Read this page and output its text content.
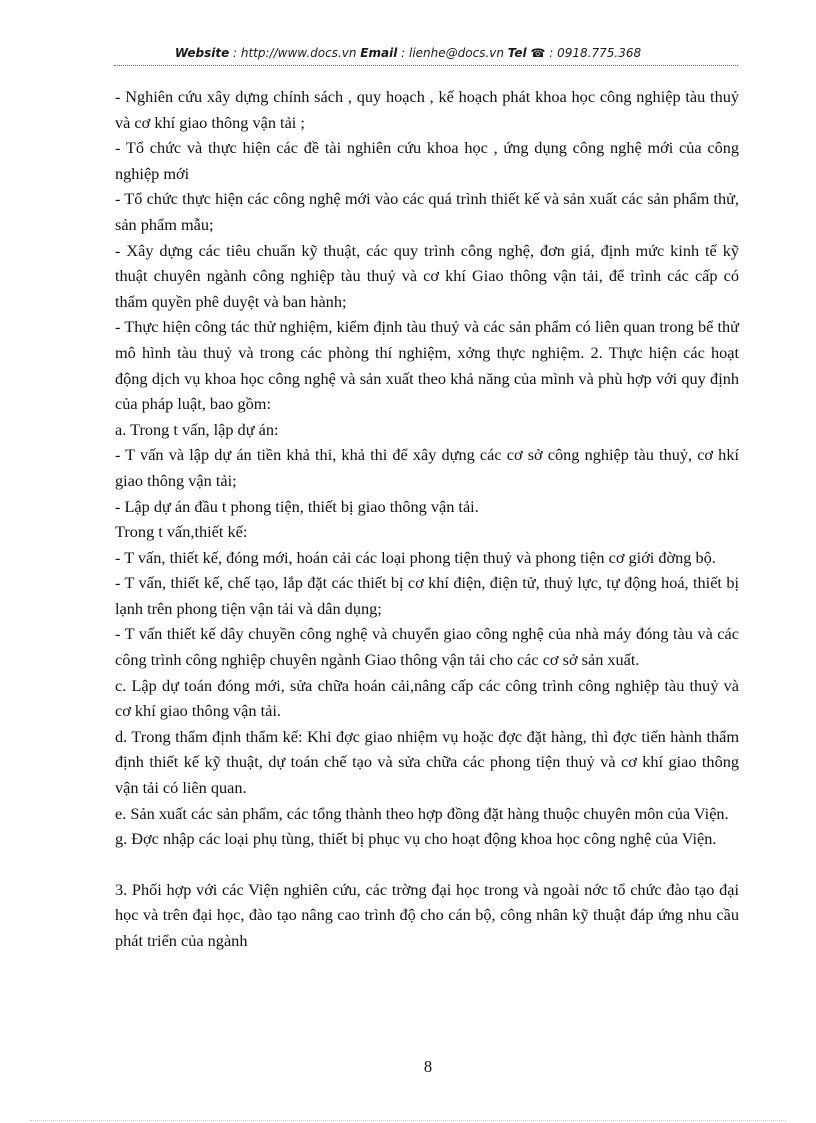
Website : http://www.docs.vn Email : lienhe@docs.vn Tel ☎ : 0918.775.368

- Nghiên cứu xây dựng chính sách , quy hoạch , kế hoạch phát khoa học công nghiệp tàu thuỷ và cơ khí giao thông vận tải ;

- Tổ chức và thực hiện các đề tài nghiên cứu khoa học , ứng dụng công nghệ mới của công nghiệp mới

- Tổ chức thực hiện các công nghệ mới vào các quá trình thiết kế và sản xuất các sản phẩm thử, sản phẩm mẫu;

- Xây dựng các tiêu chuẩn kỹ thuật, các quy trình công nghệ, đơn giá, định mức kinh tế kỹ thuật chuyên ngành công nghiệp tàu thuỷ và cơ khí Giao thông vận tải, để trình các cấp có thẩm quyền phê duyệt và ban hành;

- Thực hiện công tác thử nghiệm, kiểm định tàu thuỷ và các sản phẩm có liên quan trong bể thử mô hình tàu thuỷ và trong các phòng thí nghiệm, xởng thực nghiệm. 2. Thực hiện các hoạt động dịch vụ khoa học công nghệ và sản xuất theo khả năng của mình và phù hợp với quy định của pháp luật, bao gồm:

a. Trong t vấn, lập dự án:

- T vấn và lập dự án tiền khả thi, khả thi để xây dựng các cơ sở công nghiệp tàu thuỷ, cơ hkí giao thông vận tải;

- Lập dự án đầu t phong tiện, thiết bị giao thông vận tải.

Trong t vấn,thiết kế:

- T vấn, thiết kế, đóng mới, hoán cải các loại phong tiện thuỷ và phong tiện cơ giới đờng bộ.

- T vấn, thiết kế, chế tạo, lắp đặt các thiết bị cơ khí điện, điện tử, thuỷ lực, tự động hoá, thiết bị lạnh trên phong tiện vận tải và dân dụng;

- T vấn thiết kế dây chuyền công nghệ và chuyển giao công nghệ của nhà máy đóng tàu và các công trình công nghiệp chuyên ngành Giao thông vận tải cho các cơ sở sản xuất.

c. Lập dự toán đóng mới, sửa chữa hoán cải,nâng cấp các công trình công nghiệp tàu thuỷ và cơ khí giao thông vận tải.

d. Trong thẩm định thẩm kế: Khi đợc giao nhiệm vụ hoặc đợc đặt hàng, thì đợc tiến hành thẩm định thiết kế kỹ thuật, dự toán chế tạo và sửa chữa các phong tiện thuỷ và cơ khí giao thông vận tải có liên quan.

e. Sản xuất các sản phẩm, các tổng thành theo hợp đồng đặt hàng thuộc chuyên môn của Viện.

g. Đợc nhập các loại phụ tùng, thiết bị phục vụ cho hoạt động khoa học công nghệ của Viện.

3. Phối hợp với các Viện nghiên cứu, các trờng đại học trong và ngoài nớc tổ chức đào tạo đại học và trên đại học, đào tạo nâng cao trình độ cho cán bộ, công nhân kỹ thuật đáp ứng nhu cầu phát triển của ngành

8
